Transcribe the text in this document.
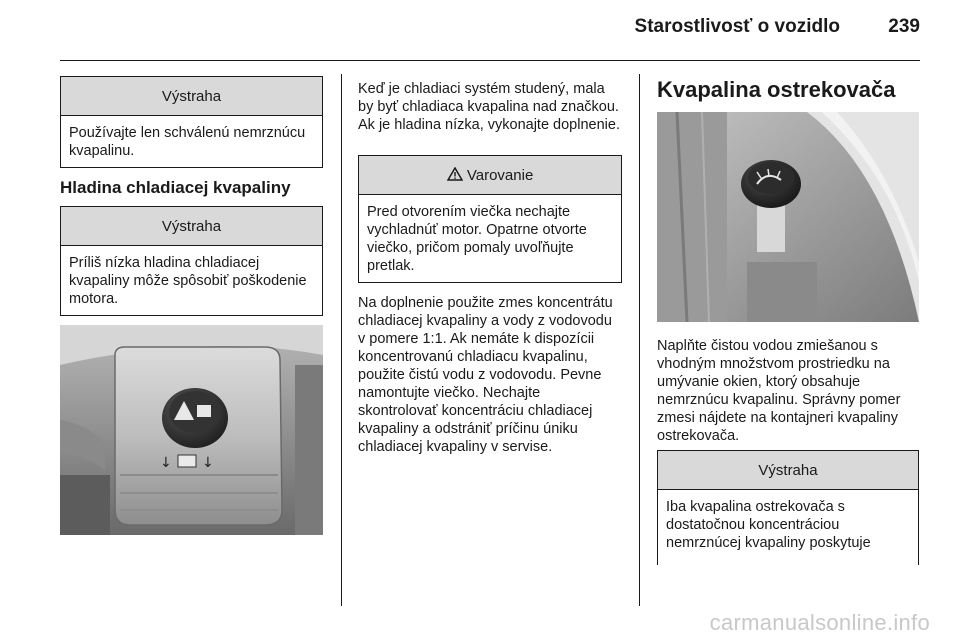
Starostlivosť o vozidlo	239
Výstraha
Používajte len schválenú nemrznúcu kvapalinu.
Hladina chladiacej kvapaliny
Výstraha
Príliš nízka hladina chladiacej kvapaliny môže spôsobiť poškodenie motora.
↓ ↓
Keď je chladiaci systém studený, mala by byť chladiaca kvapalina nad značkou. Ak je hladina nízka, vykonajte doplnenie.
Varovanie
Pred otvorením viečka nechajte vychladnúť motor. Opatrne otvorte viečko, pričom pomaly uvoľňujte pretlak.
Na doplnenie použite zmes koncentrátu chladiacej kvapaliny a vody z vodovodu v pomere 1:1. Ak nemáte k dispozícii koncentrovanú chladiacu kvapalinu, použite čistú vodu z vodovodu. Pevne namontujte viečko. Nechajte skontrolovať koncentráciu chladiacej kvapaliny a odstrániť príčinu úniku chladiacej kvapaliny v servise.
Kvapalina ostrekovača
Naplňte čistou vodou zmiešanou s vhodným množstvom prostriedku na umývanie okien, ktorý obsahuje nemrznúcu kvapalinu. Správny pomer zmesi nájdete na kontajneri kvapaliny ostrekovača.
Výstraha
Iba kvapalina ostrekovača s dostatočnou koncentráciou nemrznúcej kvapaliny poskytuje
carmanualsonline.info
